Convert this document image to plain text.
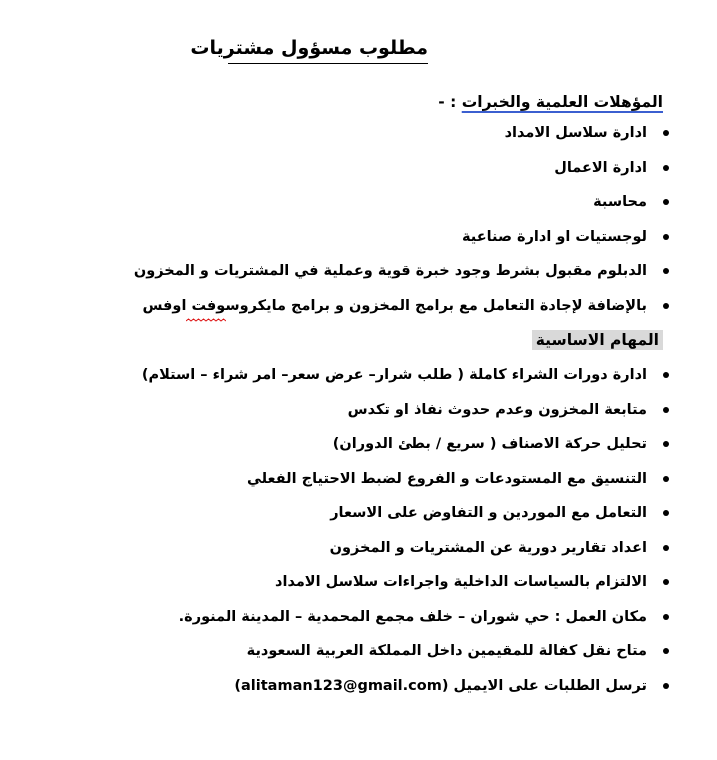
مطلوب مسؤول مشتريات
المؤهلات العلمية والخبرات : -
ادارة سلاسل الامداد
ادارة الاعمال
محاسبة
لوجستيات او ادارة صناعية
الدبلوم مقبول بشرط وجود خبرة قوية وعملية في المشتريات و المخزون
بالإضافة لإجادة التعامل مع برامج المخزون و برامج مايكروسوفت اوفس
المهام الاساسية
ادارة دورات الشراء كاملة ( طلب شرار– عرض سعر– امر شراء – استلام)
متابعة المخزون وعدم حدوث نفاذ او تكدس
تحليل حركة الاصناف ( سريع / بطئ الدوران)
التنسيق مع المستودعات و الفروع لضبط الاحتياج الفعلي
التعامل مع الموردين و التفاوض على الاسعار
اعداد تقارير دورية عن المشتريات و المخزون
الالتزام بالسياسات الداخلية واجراءات سلاسل الامداد
مكان العمل : حي شوران – خلف مجمع المحمدية – المدينة المنورة.
متاح نقل كفالة للمقيمين داخل المملكة العربية السعودية
ترسل الطلبات على الايميل (alitaman123@gmail.com)
